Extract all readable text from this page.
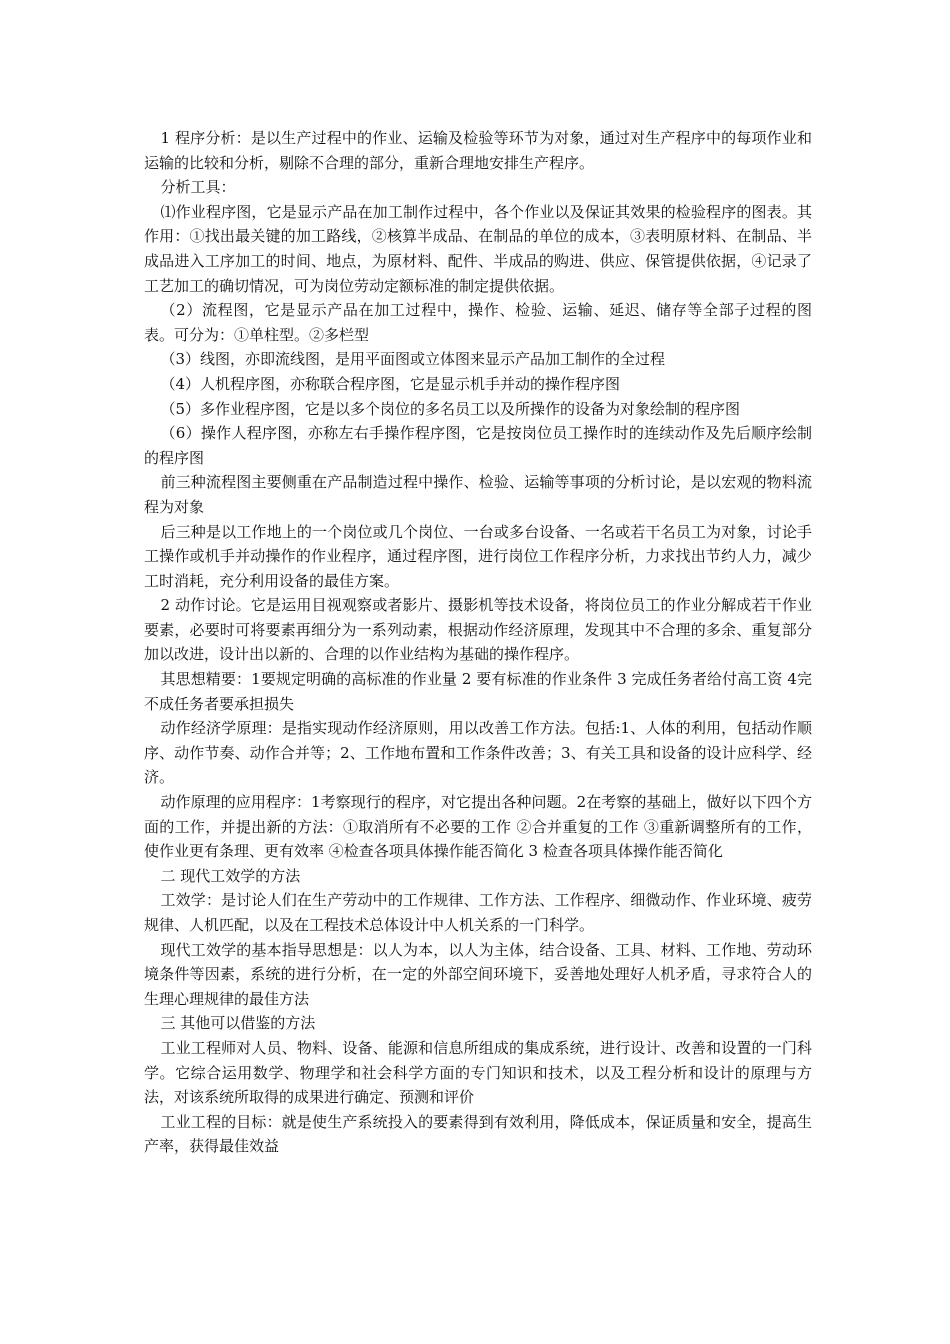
1 程序分析：是以生产过程中的作业、运输及检验等环节为对象，通过对生产程序中的每项作业和运输的比较和分析，剔除不合理的部分，重新合理地安排生产程序。

分析工具：

⑴作业程序图，它是显示产品在加工制作过程中，各个作业以及保证其效果的检验程序的图表。其作用：①找出最关键的加工路线，②核算半成品、在制品的单位的成本，③表明原材料、在制品、半成品进入工序加工的时间、地点，为原材料、配件、半成品的购进、供应、保管提供依据，④记录了工艺加工的确切情况，可为岗位劳动定额标准的制定提供依据。

（2）流程图，它是显示产品在加工过程中，操作、检验、运输、延迟、储存等全部子过程的图表。可分为：①单柱型。②多栏型

（3）线图，亦即流线图，是用平面图或立体图来显示产品加工制作的全过程

（4）人机程序图，亦称联合程序图，它是显示机手并动的操作程序图

（5）多作业程序图，它是以多个岗位的多名员工以及所操作的设备为对象绘制的程序图

（6）操作人程序图，亦称左右手操作程序图，它是按岗位员工操作时的连续动作及先后顺序绘制的程序图

前三种流程图主要侧重在产品制造过程中操作、检验、运输等事项的分析讨论，是以宏观的物料流程为对象

后三种是以工作地上的一个岗位或几个岗位、一台或多台设备、一名或若干名员工为对象，讨论手工操作或机手并动操作的作业程序，通过程序图，进行岗位工作程序分析，力求找出节约人力，减少工时消耗，充分利用设备的最佳方案。

2 动作讨论。它是运用目视观察或者影片、摄影机等技术设备，将岗位员工的作业分解成若干作业要素，必要时可将要素再细分为一系列动素，根据动作经济原理，发现其中不合理的多余、重复部分加以改进，设计出以新的、合理的以作业结构为基础的操作程序。

其思想精要：1要规定明确的高标准的作业量 2 要有标准的作业条件 3 完成任务者给付高工资 4完不成任务者要承担损失

动作经济学原理：是指实现动作经济原则，用以改善工作方法。包括:1、人体的利用，包括动作顺序、动作节奏、动作合并等；2、工作地布置和工作条件改善；3、有关工具和设备的设计应科学、经济。

动作原理的应用程序：1考察现行的程序，对它提出各种问题。2在考察的基础上，做好以下四个方面的工作，并提出新的方法：①取消所有不必要的工作 ②合并重复的工作 ③重新调整所有的工作，使作业更有条理、更有效率 ④检查各项具体操作能否简化 3 检查各项具体操作能否简化

二 现代工效学的方法

工效学：是讨论人们在生产劳动中的工作规律、工作方法、工作程序、细微动作、作业环境、疲劳规律、人机匹配，以及在工程技术总体设计中人机关系的一门科学。

现代工效学的基本指导思想是：以人为本，以人为主体，结合设备、工具、材料、工作地、劳动环境条件等因素，系统的进行分析，在一定的外部空间环境下，妥善地处理好人机矛盾，寻求符合人的生理心理规律的最佳方法

三 其他可以借鉴的方法

工业工程师对人员、物料、设备、能源和信息所组成的集成系统，进行设计、改善和设置的一门科学。它综合运用数学、物理学和社会科学方面的专门知识和技术，以及工程分析和设计的原理与方法，对该系统所取得的成果进行确定、预测和评价

工业工程的目标：就是使生产系统投入的要素得到有效利用，降低成本，保证质量和安全，提高生产率，获得最佳效益
